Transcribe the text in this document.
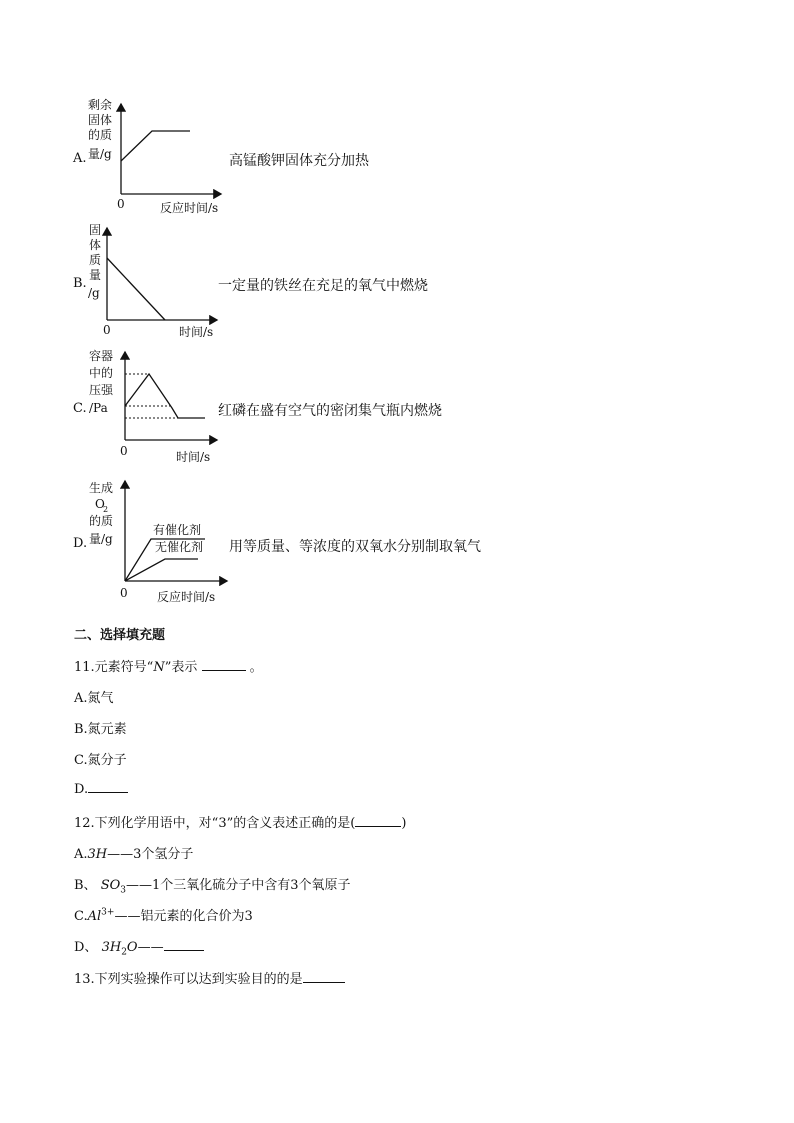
A.
剩余
固体
的质
量/g
0	反应时间/s
高锰酸钾固体充分加热
B.
固
体
质
量
/g
0	时间/s
一定量的铁丝在充足的氧气中燃烧
C.
容器
中的
压强
/Pa
0	时间/s
红磷在盛有空气的密闭集气瓶内燃烧
D.
生成
O
2
的质
量/g
有催化剂
无催化剂
0 反应时间/s
用等质量、等浓度的双氧水分别制取氧气
二、选择填充题
11.元素符号“N”表示	。
A.氮气
B.氮元素
C.氮分子
D.
12.下列化学用语中，对“3”的含义表述正确的是(	)
A.3H——3个氢分子
B、 $SO_3——1$个三氧化硫分子中含有3个氧原子
$C.Al^{3+}——$铝元素的化合价为3
D、 $3H_2O——$
13.下列实验操作可以达到实验目的的是
